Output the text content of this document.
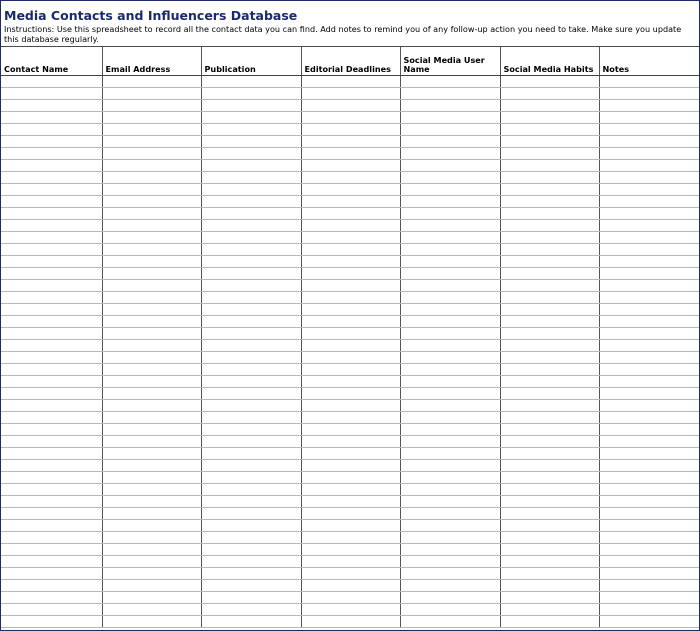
Media Contacts and Influencers Database

Instructions: Use this spreadsheet to record all the contact data you can find. Add notes to remind you of any follow-up action you need to take. Make sure you update this database regularly.

Contact Name	Email Address	Publication	Editorial Deadlines	Social Media User Name	Social Media Habits	Notes
